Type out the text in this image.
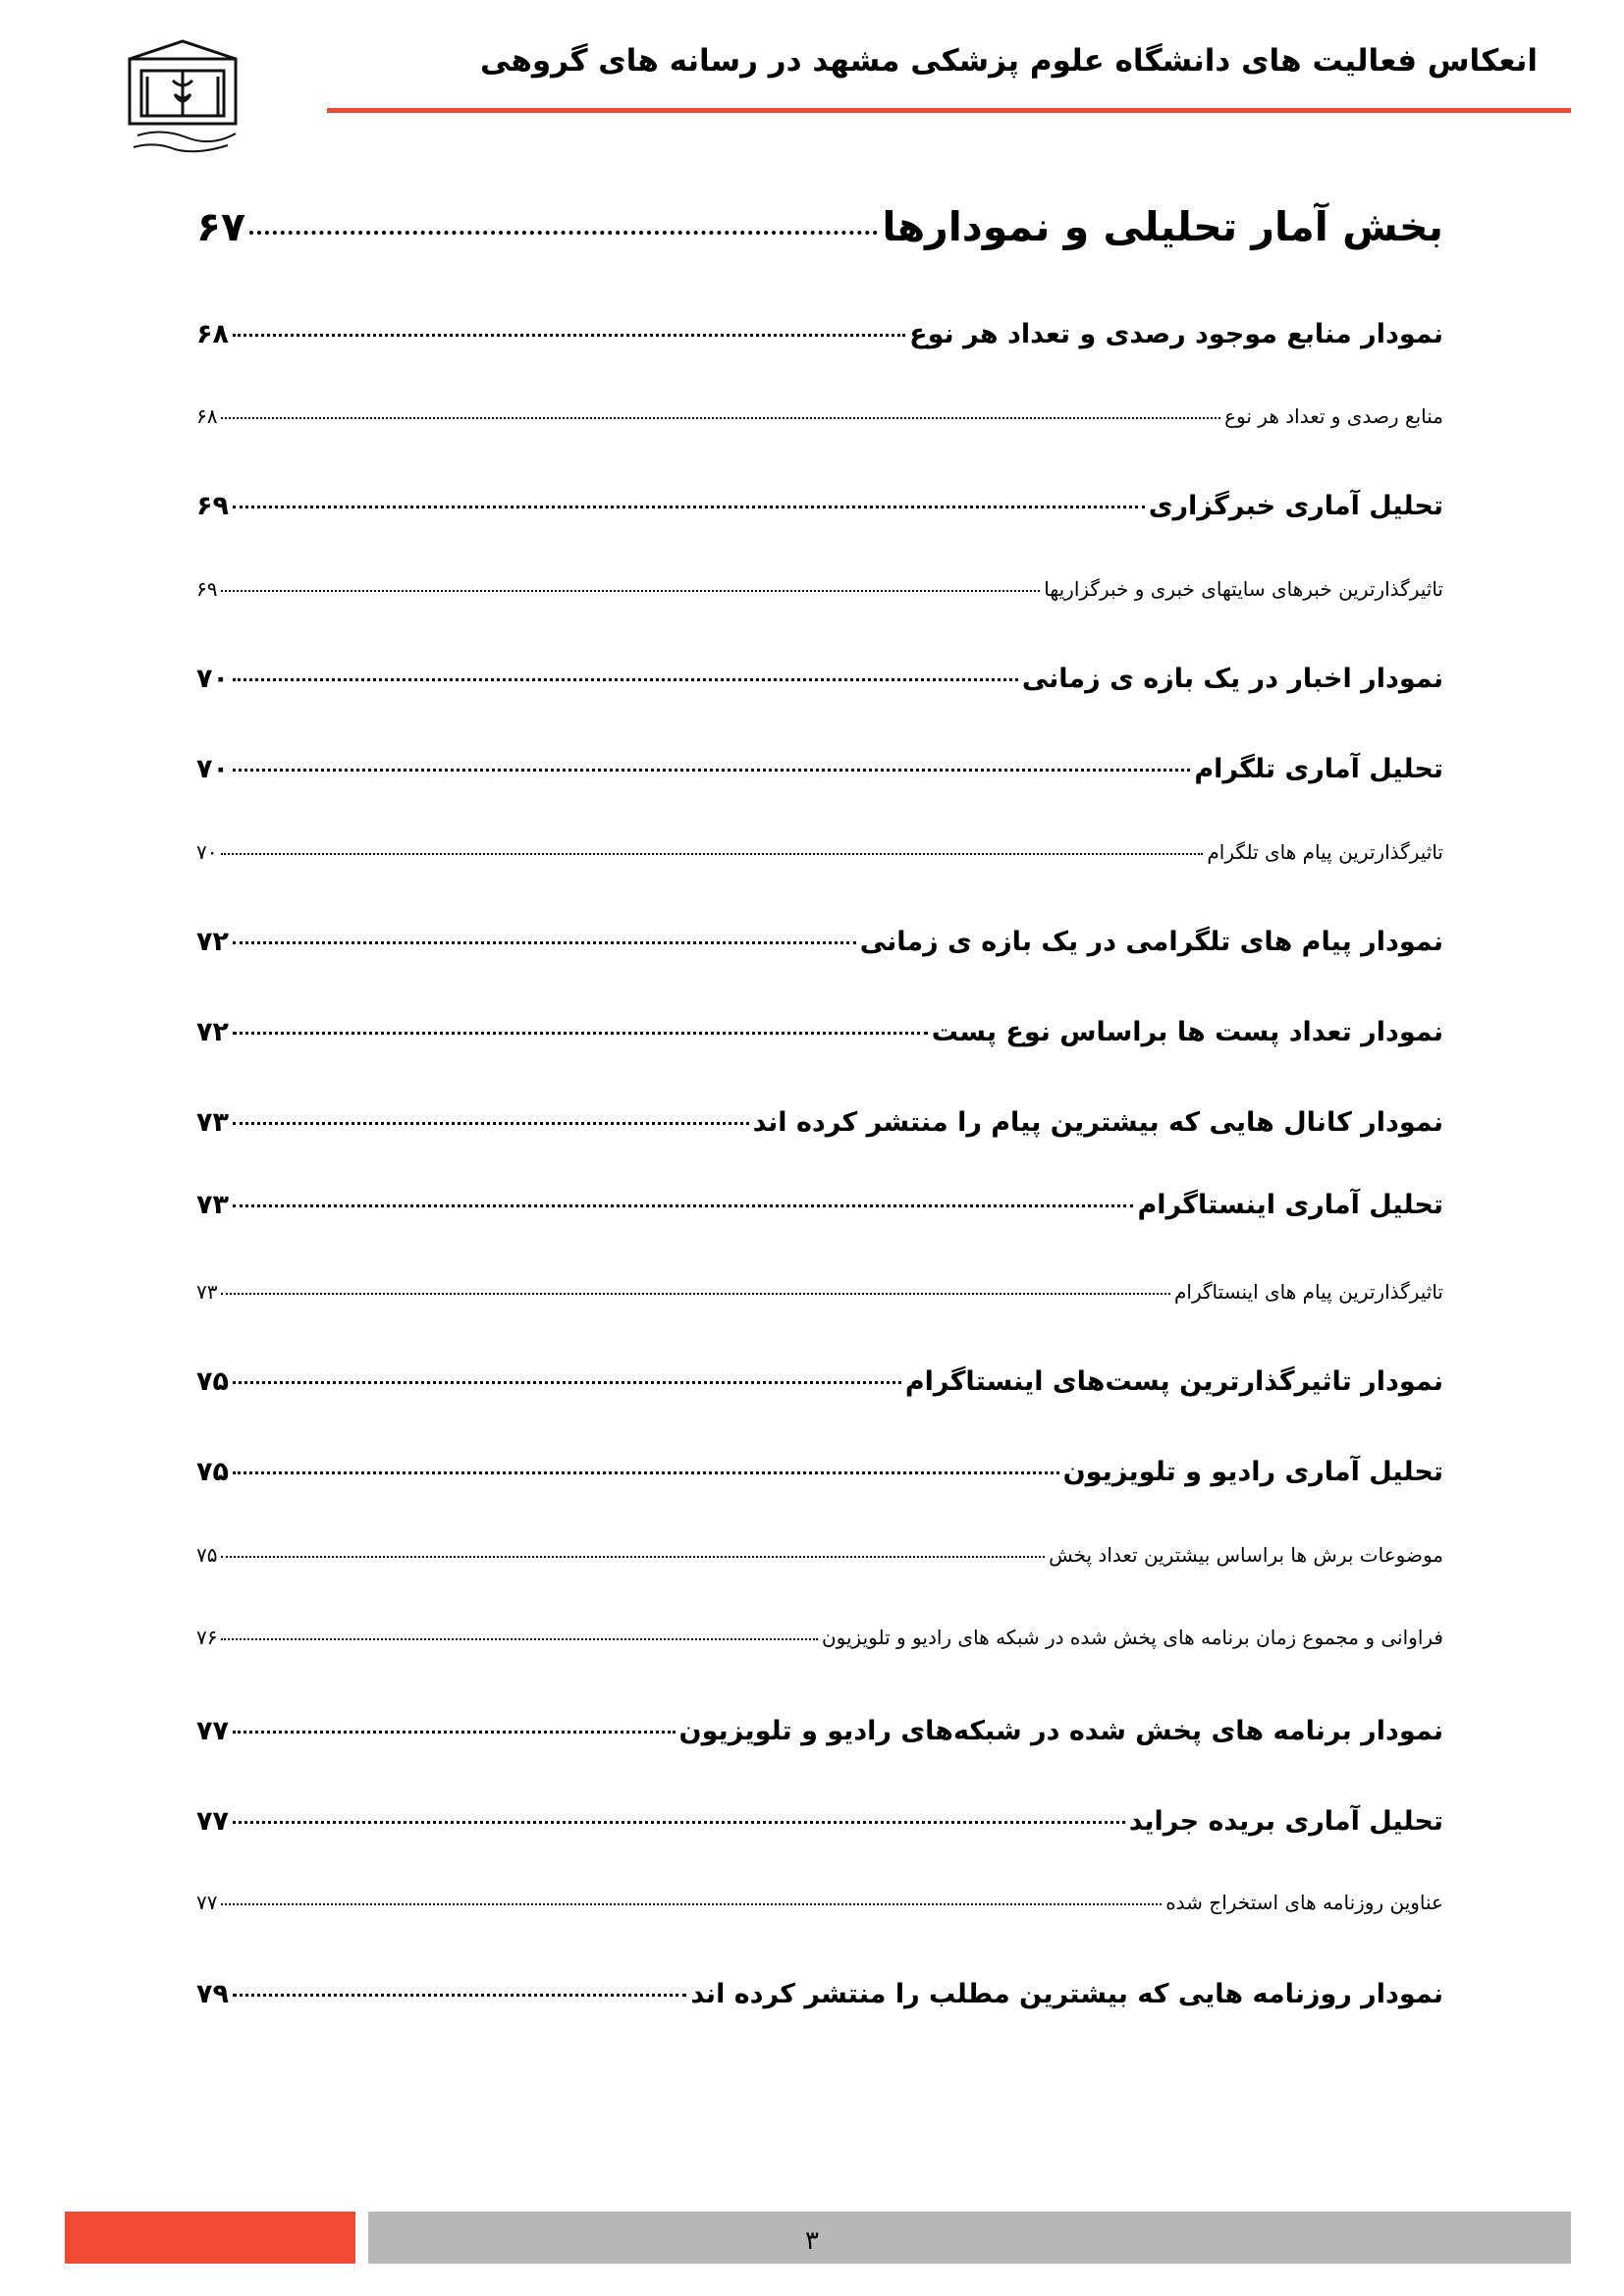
انعکاس فعالیت های دانشگاه علوم پزشکی مشهد در رسانه های گروهی
بخش آمار تحلیلی و نمودارها
۶۷
نمودار منابع موجود رصدی و تعداد هر نوع
۶۸
منابع رصدی و تعداد هر نوع
۶۸
تحلیل آماری خبرگزاری
۶۹
تاثیرگذارترین خبرهای سایتهای خبری و خبرگزاریها
۶۹
نمودار اخبار در یک بازه ی زمانی
۷۰
تحلیل آماری تلگرام
۷۰
تاثیرگذارترین پیام های تلگرام
۷۰
نمودار پیام های تلگرامی در یک بازه ی زمانی
۷۲
نمودار تعداد پست ها براساس نوع پست
۷۲
نمودار کانال هایی که بیشترین پیام را منتشر کرده اند
۷۳
تحلیل آماری اینستاگرام
۷۳
تاثیرگذارترین پیام های اینستاگرام
۷۳
نمودار تاثیرگذارترین پست‌های اینستاگرام
۷۵
تحلیل آماری رادیو و تلویزیون
۷۵
موضوعات برش ها براساس بیشترین تعداد پخش
۷۵
فراوانی و مجموع زمان برنامه های پخش شده در شبکه های رادیو و تلویزیون
۷۶
نمودار برنامه های پخش شده در شبکه‌های رادیو و تلویزیون
۷۷
تحلیل آماری بریده جراید
۷۷
عناوین روزنامه های استخراج شده
۷۷
نمودار روزنامه هایی که بیشترین مطلب را منتشر کرده اند
۷۹
۳
